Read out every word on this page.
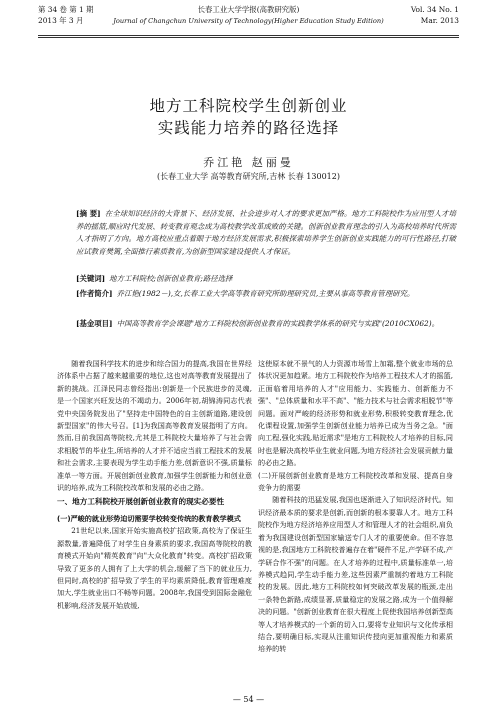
第 34 卷 第 1 期
2013 年 3 月
长春工业大学学报(高教研究版)
Journal of Changchun University of Technology(Higher Education Study Edition)
Vol. 34 No. 1
Mar. 2013
地方工科院校学生创新创业
实践能力培养的路径选择
乔江艳 赵丽曼
(长春工业大学 高等教育研究所,吉林 长春 130012)
[摘 要] 在全球知识经济的大背景下、经济发展、社会进步对人才的要求更加严格。地方工科院校作为应用型人才培养的摇篮,顺应时代发展、转变教育观念成为高校教学改革成败的关键。创新创业教育理念的引入为高校培养时代所需人才指明了方向。地方高校应重点着眼于地方经济发展需求,积极探索培养学生创新创业实践能力的可行性路径,打破应试教育樊篱,全面推行素质教育,为创新型国家建设提供人才保证。
[关键词] 地方工科院校;创新创业教育;路径选择
[作者简介] 乔江艳(1982－),女,长春工业大学高等教育研究所助理研究员,主要从事高等教育管理研究。
[基金项目] 中国高等教育学会课题"地方工科院校创新创业教育的实践教学体系的研究与实践"(2010CX062)。

随着我国科学技术的进步和综合国力的提高,我国在世界经济体系中占据了越来越重要的地位,这也对高等教育发展提出了新的挑战。江泽民同志曾经指出:创新是一个民族进步的灵魂,是一个国家兴旺发达的不竭动力。2006年初,胡锦涛同志代表党中央国务院发出了"坚持走中国特色的自主创新道路,建设创新型国家"的伟大号召。[1]为我国高等教育发展指明了方向。然而,目前我国高等院校,尤其是工科院校大量培养了与社会需求相脱节的毕业生,所培养的人才并不适应当前工程技术的发展和社会需求,主要表现为学生动手能力差,创新意识不强,质量标准单一等方面。开展创新创业教育,加强学生创新能力和创业意识的培养,成为工科院校改革和发展的必由之路。

一、地方工科院校开展创新创业教育的现实必要性
(一)严峻的就业形势迫切需要学校转变传统的教育教学模式

21世纪以来,国家开始实施高校扩招政策,高校为了保证生源数量,普遍降低了对学生自身素质的要求,我国高等院校的教育模式开始向"精英教育"向"大众化教育"转变。高校扩招政策导致了更多的人拥有了上大学的机会,缓解了当下的就业压力,但同时,高校的扩招导致了学生的平均素质降低,教育管理难度加大,学生就业出口不畅等问题。2008年,我国受到国际金融危机影响,经济发展开始放缓,

这使原本就不景气的人力资源市场雪上加霜,整个就业市场的总体状况更加趋紧。地方工科院校作为培养工程技术人才的摇篮,正面临着用培养的人才"应用能力、实践能力、创新能力不强"、"总体质量和水平不高"、"能力技术与社会需求相脱节"等问题。面对严峻的经济形势和就业形势,积极转变教育理念,优化课程设置,加强学生创新创业能力培养已成为当务之急。"面向工程,强化实践,贴近需求"是地方工科院校人才培养的目标,同时也是解决高校毕业生就业问题,为地方经济社会发展贡献力量的必由之路。

(二)开展创新创业教育是地方工科院校改革和发展、提高自身竞争力的需要

随着科技的迅猛发展,我国也逐渐进入了知识经济时代。知识经济最本质的要求是创新,而创新的根本要靠人才。地方工科院校作为地方经济培养应用型人才和管理人才的社会组织,肩负着为我国建设创新型国家输送专门人才的重要使命。但不容忽视的是,我国地方工科院校普遍存在着"硬件不足,产学研不成,产学研合作不强"的问题。在人才培养的过程中,质量标准单一,培养模式趋同,学生动手能力差,这些因素严重制约着地方工科院校的发展。因此,地方工科院校如何突破改革发展的瓶颈,走出一条特色新路,成绩显著,质量稳定的发展之路,成为一个值得解决的问题。"创新创业教育在很大程度上促使我国培养创新型高等人才培养模式的一个新的切入口,要将专业知识与文化传承相结合,要明确目标,实现从注重知识传授向更加重视能力和素质培养的转

— 54 —
